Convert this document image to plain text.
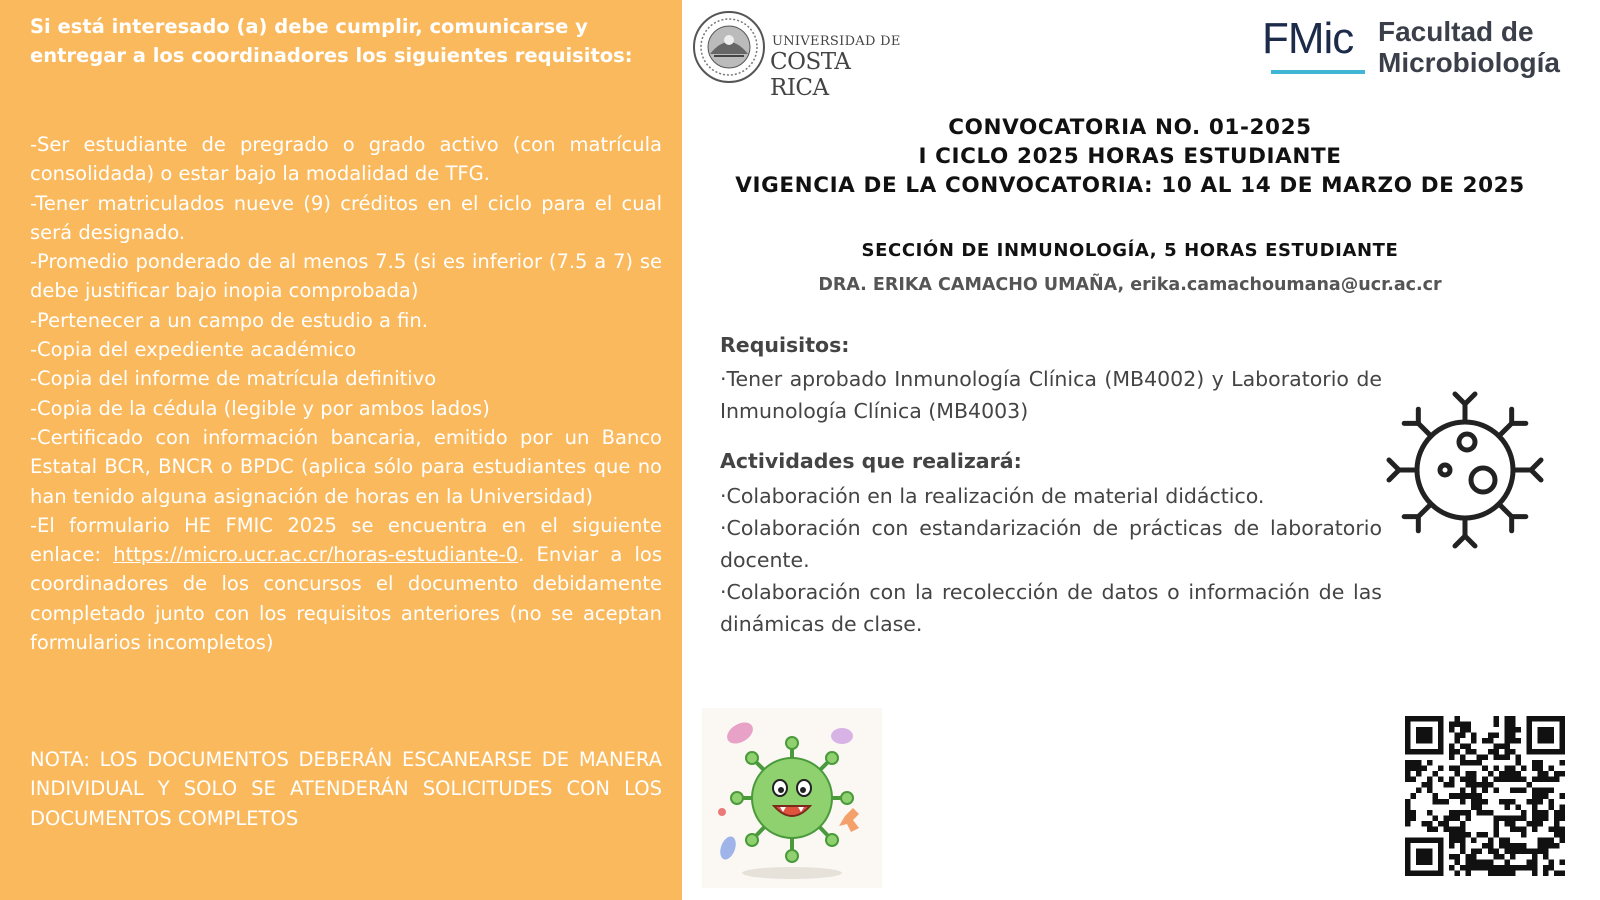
Si está interesado (a) debe cumplir, comunicarse y entregar a los coordinadores los siguientes requisitos:

-Ser estudiante de pregrado o grado activo (con matrícula consolidada) o estar bajo la modalidad de TFG.
-Tener matriculados nueve (9) créditos en el ciclo para el cual será designado.
-Promedio ponderado de al menos 7.5 (si es inferior (7.5 a 7) se debe justificar bajo inopia comprobada)
-Pertenecer a un campo de estudio a fin.
-Copia del expediente académico
-Copia del informe de matrícula definitivo
-Copia de la cédula (legible y por ambos lados)
-Certificado con información bancaria, emitido por un Banco Estatal BCR, BNCR o BPDC (aplica sólo para estudiantes que no han tenido alguna asignación de horas en la Universidad)
-El formulario HE FMIC 2025 se encuentra en el siguiente enlace: https://micro.ucr.ac.cr/horas-estudiante-0. Enviar a los coordinadores de los concursos el documento debidamente completado junto con los requisitos anteriores (no se aceptan formularios incompletos)

NOTA: LOS DOCUMENTOS DEBERÁN ESCANEARSE DE MANERA INDIVIDUAL Y SOLO SE ATENDERÁN SOLICITUDES CON LOS DOCUMENTOS COMPLETOS

UNIVERSIDAD DE
COSTA RICA
FMic Facultad de
Microbiología
CONVOCATORIA NO. 01-2025
I CICLO 2025 HORAS ESTUDIANTE
VIGENCIA DE LA CONVOCATORIA: 10 AL 14 DE MARZO DE 2025

SECCIÓN DE INMUNOLOGÍA, 5 HORAS ESTUDIANTE

DRA. ERIKA CAMACHO UMAÑA, erika.camachoumana@ucr.ac.cr

Requisitos:

·Tener aprobado Inmunología Clínica (MB4002) y Laboratorio de Inmunología Clínica (MB4003)

Actividades que realizará:

·Colaboración en la realización de material didáctico.
·Colaboración con estandarización de prácticas de laboratorio docente.
·Colaboración con la recolección de datos o información de las dinámicas de clase.
